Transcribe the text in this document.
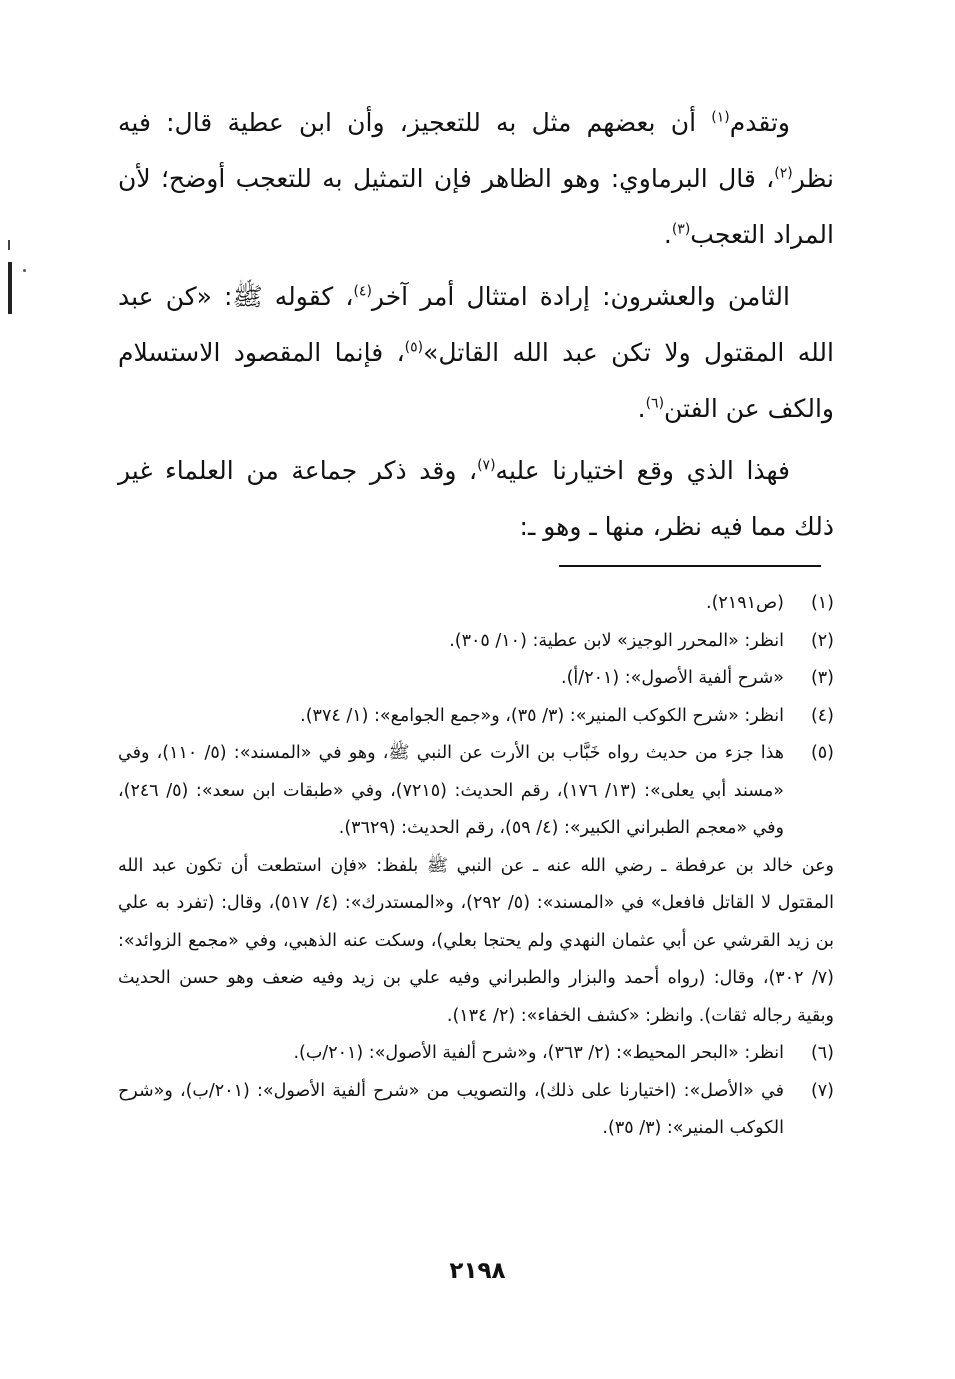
وتقدم$^{(١)}$ أن بعضهم مثل به للتعجيز، وأن ابن عطية قال: فيه نظر$^{(٢)}$، قال البرماوي: وهو الظاهر فإن التمثيل به للتعجب أوضح؛ لأن المراد التعجب$^{(٣)}$.

الثامن والعشرون: إرادة امتثال أمر آخر$^{(٤)}$، كقوله ﷺ: «كن عبد الله المقتول ولا تكن عبد الله القاتل»$^{(٥)}$، فإنما المقصود الاستسلام والكف عن الفتن$^{(٦)}$.

فهذا الذي وقع اختيارنا عليه$^{(٧)}$، وقد ذكر جماعة من العلماء غير ذلك مما فيه نظر، منها ـ وهو ـ:

(١)
(ص٢١٩١).
(٢)
انظر: «المحرر الوجيز» لابن عطية: (١٠/ ٣٠٥).
(٣)
«شرح ألفية الأصول»: (٢٠١/أ).
(٤)
انظر: «شرح الكوكب المنير»: (٣/ ٣٥)، و«جمع الجوامع»: (١/ ٣٧٤).
(٥)
هذا جزء من حديث رواه خَبَّاب بن الأرت عن النبي ﷺ، وهو في «المسند»: (٥/ ١١٠)، وفي «مسند أبي يعلى»: (١٣/ ١٧٦)، رقم الحديث: (٧٢١٥)، وفي «طبقات ابن سعد»: (٥/ ٢٤٦)، وفي «معجم الطبراني الكبير»: (٤/ ٥٩)، رقم الحديث: (٣٦٢٩).
وعن خالد بن عرفطة ـ رضي الله عنه ـ عن النبي ﷺ بلفظ: «فإن استطعت أن تكون عبد الله المقتول لا القاتل فافعل» في «المسند»: (٥/ ٢٩٢)، و«المستدرك»: (٤/ ٥١٧)، وقال: (تفرد به علي بن زيد القرشي عن أبي عثمان النهدي ولم يحتجا بعلي)، وسكت عنه الذهبي، وفي «مجمع الزوائد»: (٧/ ٣٠٢)، وقال: (رواه أحمد والبزار والطبراني وفيه علي بن زيد وفيه ضعف وهو حسن الحديث وبقية رجاله ثقات). وانظر: «كشف الخفاء»: (٢/ ١٣٤).
(٦)
انظر: «البحر المحيط»: (٢/ ٣٦٣)، و«شرح ألفية الأصول»: (٢٠١/ب).
(٧)
في «الأصل»: (اختيارنا على ذلك)، والتصويب من «شرح ألفية الأصول»: (٢٠١/ب)، و«شرح الكوكب المنير»: (٣/ ٣٥).
٢١٩٨
